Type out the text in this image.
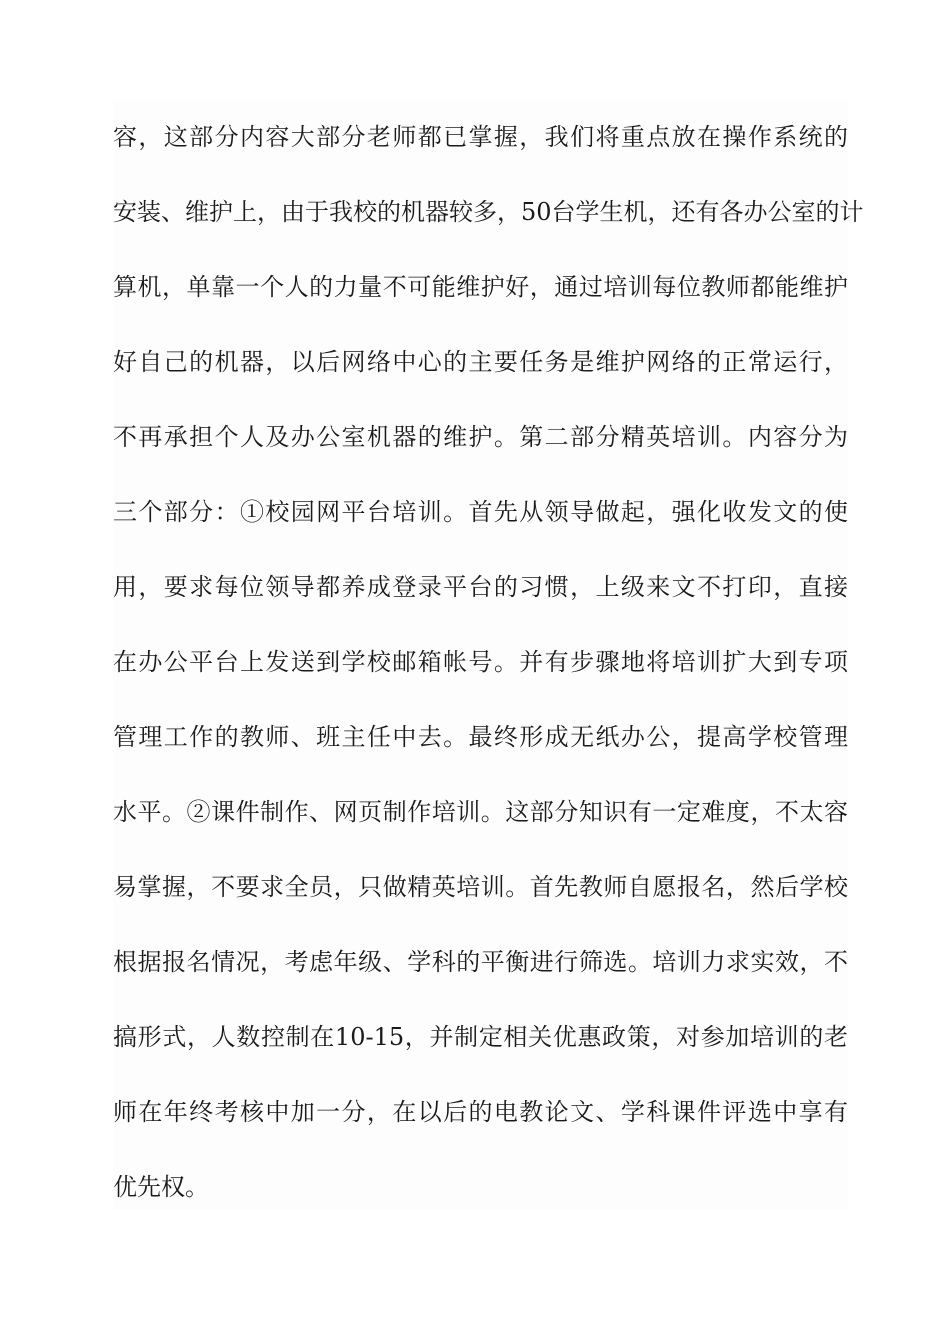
容，这部分内容大部分老师都已掌握，我们将重点放在操作系统的
安装、维护上，由于我校的机器较多，50台学生机，还有各办公室的计
算机，单靠一个人的力量不可能维护好，通过培训每位教师都能维护
好自己的机器，以后网络中心的主要任务是维护网络的正常运行，
不再承担个人及办公室机器的维护。第二部分精英培训。内容分为
三个部分：①校园网平台培训。首先从领导做起，强化收发文的使
用，要求每位领导都养成登录平台的习惯，上级来文不打印，直接
在办公平台上发送到学校邮箱帐号。并有步骤地将培训扩大到专项
管理工作的教师、班主任中去。最终形成无纸办公，提高学校管理
水平。②课件制作、网页制作培训。这部分知识有一定难度，不太容
易掌握，不要求全员，只做精英培训。首先教师自愿报名，然后学校
根据报名情况，考虑年级、学科的平衡进行筛选。培训力求实效，不
搞形式，人数控制在10-15，并制定相关优惠政策，对参加培训的老
师在年终考核中加一分，在以后的电教论文、学科课件评选中享有
优先权。
